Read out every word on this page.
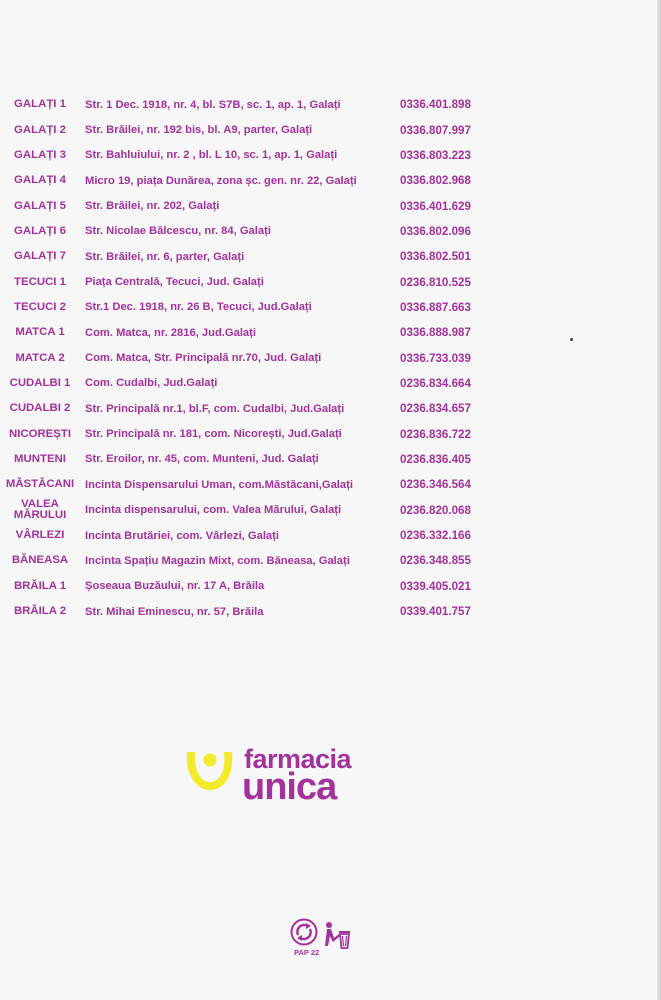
GALAȚI 1	Str. 1 Dec. 1918, nr. 4, bl. S7B, sc. 1, ap. 1, Galați	0336.401.898
GALAȚI 2	Str. Brăilei, nr. 192 bis, bl. A9, parter, Galați	0336.807.997
GALAȚI 3	Str. Bahluiului, nr. 2 , bl. L 10, sc. 1, ap. 1, Galați	0336.803.223
GALAȚI 4	Micro 19, piața Dunărea, zona șc. gen. nr. 22, Galați	0336.802.968
GALAȚI 5	Str. Brăilei, nr. 202, Galați	0336.401.629
GALAȚI 6	Str. Nicolae Bălcescu, nr. 84, Galați	0336.802.096
GALAȚI 7	Str. Brăilei, nr. 6, parter, Galați	0336.802.501
TECUCI 1	Piața Centrală, Tecuci, Jud. Galați	0236.810.525
TECUCI 2	Str.1 Dec. 1918, nr. 26 B, Tecuci, Jud.Galați	0336.887.663
MATCA 1	Com. Matca, nr. 2816, Jud.Galați	0336.888.987
MATCA 2	Com. Matca, Str. Principală nr.70, Jud. Galați	0336.733.039
CUDALBI 1	Com. Cudalbi, Jud.Galați	0236.834.664
CUDALBI 2	Str. Principală nr.1, bl.F, com. Cudalbi, Jud.Galați	0236.834.657
NICOREȘTI	Str. Principală nr. 181, com. Nicorești, Jud.Galați	0236.836.722
MUNTENI	Str. Eroilor, nr. 45, com. Munteni, Jud. Galați	0236.836.405
MĂSTĂCANI	Incinta Dispensarului Uman, com.Măstăcani,Galați	0236.346.564
VALEA MĂRULUI	Incinta dispensarului, com. Valea Mărului, Galați	0236.820.068
VÂRLEZI	Incinta Brutăriei, com. Vârlezi, Galați	0236.332.166
BĂNEASA	Incinta Spațiu Magazin Mixt, com. Băneasa, Galați	0236.348.855
BRĂILA 1	Șoseaua Buzăului, nr. 17 A, Brăila	0339.405.021
BRĂILA 2	Str. Mihai Eminescu, nr. 57, Brăila	0339.401.757
farmacia
unica
PAP 22
